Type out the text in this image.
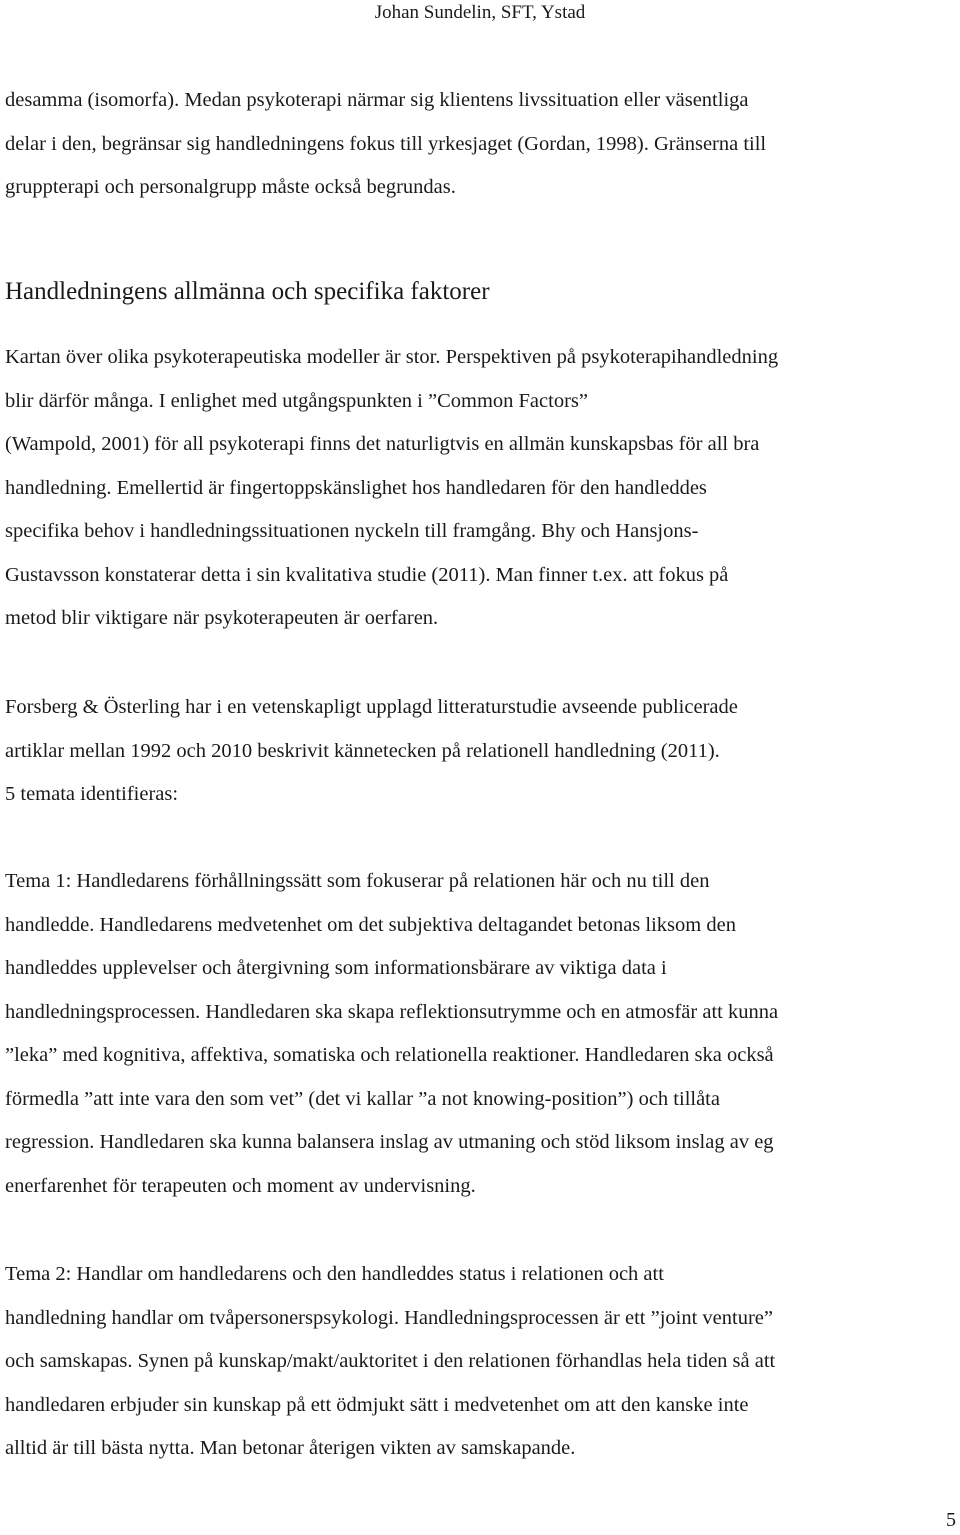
Johan Sundelin, SFT, Ystad
desamma (isomorfa). Medan psykoterapi närmar sig klientens livssituation eller väsentliga
delar i den, begränsar sig handledningens fokus till yrkesjaget (Gordan, 1998). Gränserna till
gruppterapi och personalgrupp måste också begrundas.
Handledningens allmänna och specifika faktorer
Kartan över olika psykoterapeutiska modeller är stor. Perspektiven på psykoterapihandledning
blir därför många. I enlighet med utgångspunkten i ”Common Factors”
(Wampold, 2001) för all psykoterapi finns det naturligtvis en allmän kunskapsbas för all bra
handledning. Emellertid är fingertoppskänslighet hos handledaren för den handleddes
specifika behov i handledningssituationen nyckeln till framgång. Bhy och Hansjons-
Gustavsson konstaterar detta i sin kvalitativa studie (2011). Man finner t.ex. att fokus på
metod blir viktigare när psykoterapeuten är oerfaren.
Forsberg & Österling har i en vetenskapligt upplagd litteraturstudie avseende publicerade
artiklar mellan 1992 och 2010 beskrivit kännetecken på relationell handledning (2011).
5 temata identifieras:
Tema 1: Handledarens förhållningssätt som fokuserar på relationen här och nu till den
handledde. Handledarens medvetenhet om det subjektiva deltagandet betonas liksom den
handleddes upplevelser och återgivning som informationsbärare av viktiga data i
handledningsprocessen. Handledaren ska skapa reflektionsutrymme och en atmosfär att kunna
”leka” med kognitiva, affektiva, somatiska och relationella reaktioner. Handledaren ska också
förmedla ”att inte vara den som vet” (det vi kallar ”a not knowing-position”) och tillåta
regression. Handledaren ska kunna balansera inslag av utmaning och stöd liksom inslag av eg
enerfarenhet för terapeuten och moment av undervisning.
Tema 2: Handlar om handledarens och den handleddes status i relationen och att
handledning handlar om tvåpersonerspsykologi. Handledningsprocessen är ett ”joint venture”
och samskapas. Synen på kunskap/makt/auktoritet i den relationen förhandlas hela tiden så att
handledaren erbjuder sin kunskap på ett ödmjukt sätt i medvetenhet om att den kanske inte
alltid är till bästa nytta. Man betonar återigen vikten av samskapande.
5
